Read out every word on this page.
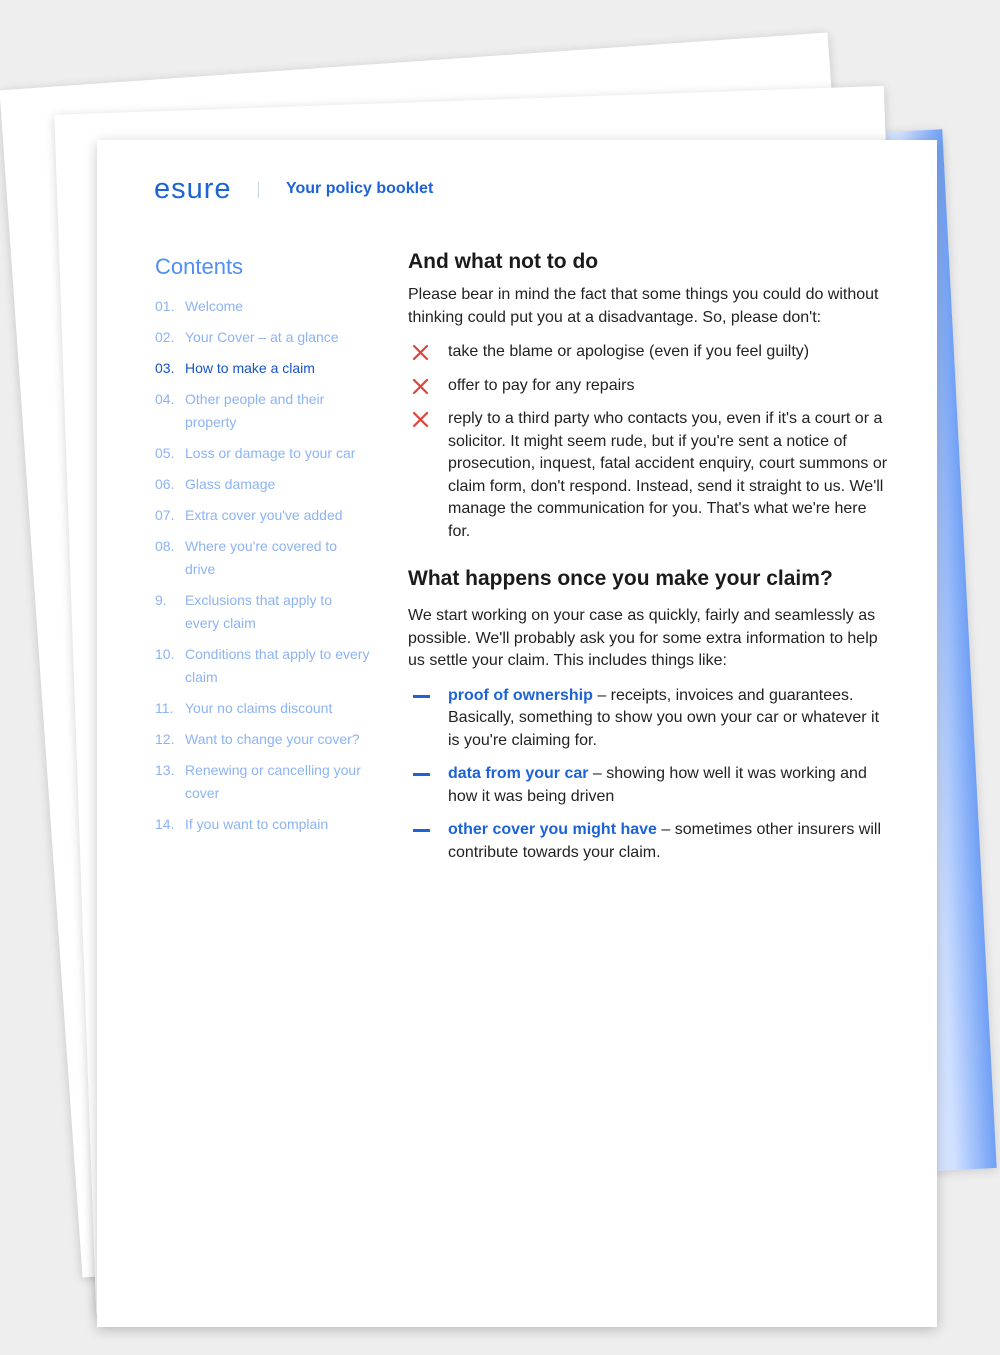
esure	Your policy booklet
Contents
01. Welcome
02. Your Cover – at a glance
03. How to make a claim
04. Other people and their property
05. Loss or damage to your car
06. Glass damage
07. Extra cover you've added
08. Where you're covered to drive
9.	Exclusions that apply to every claim
10. Conditions that apply to every claim
11. Your no claims discount
12. Want to change your cover?
13. Renewing or cancelling your cover
14. If you want to complain
And what not to do

Please bear in mind the fact that some things you could do without thinking could put you at a disadvantage. So, please don't:

take the blame or apologise (even if you feel guilty)
offer to pay for any repairs
reply to a third party who contacts you, even if it's a court or a solicitor. It might seem rude, but if you're sent a notice of prosecution, inquest, fatal accident enquiry, court summons or claim form, don't respond. Instead, send it straight to us. We'll manage the communication for you. That's what we're here for.
What happens once you make your claim?

We start working on your case as quickly, fairly and seamlessly as possible. We'll probably ask you for some extra information to help us settle your claim. This includes things like:

proof of ownership – receipts, invoices and guarantees. Basically, something to show you own your car or whatever it is you're claiming for.
data from your car – showing how well it was working and how it was being driven
other cover you might have – sometimes other insurers will contribute towards your claim.
